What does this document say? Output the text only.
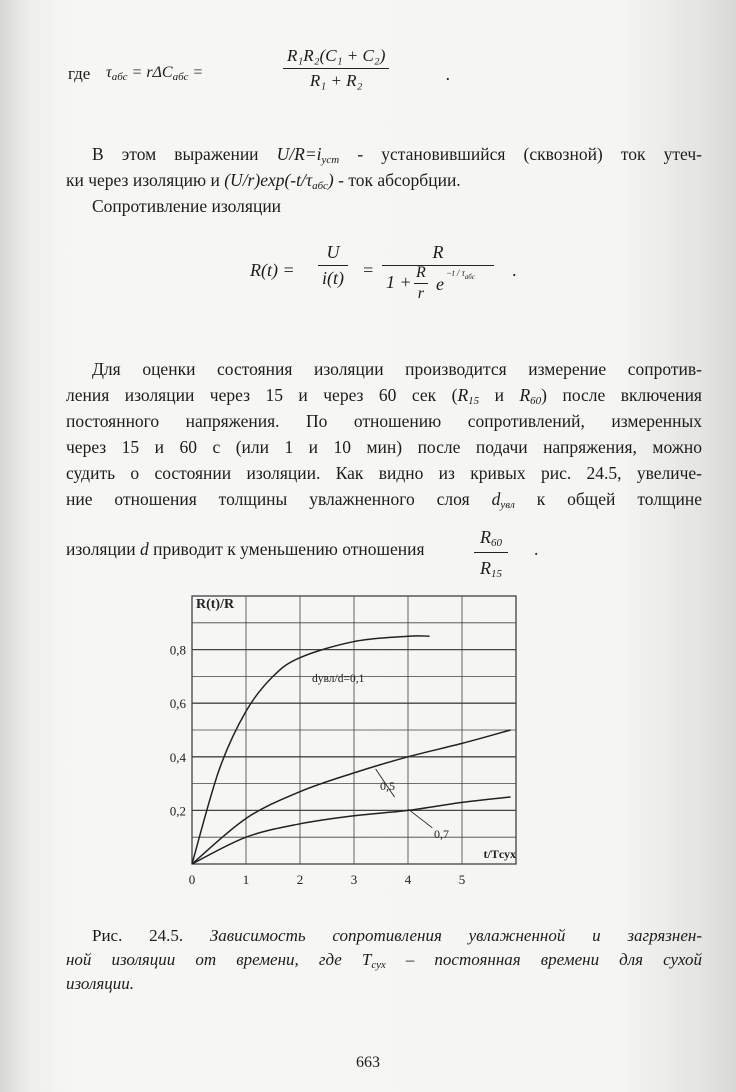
где $\tau_{абс} = r\Delta C_{абс}$ =	$\frac{\text{R₁R₂(C₁ + C₂)}}{\text{R₁ + R₂}}$	.
В этом выражении $U/R=i_{уст}$ - установившийся (сквозной) ток утеч-
ки через изоляцию и $(U/r)\exp(-t/\tau_{абс})$ - ток абсорбции.
Сопротивление изоляции
$R(t) = \frac{U}{i(t)}$ =
R
$1 + \frac{R}{r}$ e
$-t / \tau_{абс}$ .
Для оценки состояния изоляции производится измерение сопротив-
ления изоляции через 15 и через 60 сек ($R_{15}$ и $R_{60}$) после включения
постоянного напряжения. По отношению сопротивлений, измеренных
через 15 и 60 с (или 1 и 10 мин) после подачи напряжения, можно
судить о состоянии изоляции. Как видно из кривых рис. 24.5, увеличе-
ние отношения толщины увлажненного слоя $d_{увл}$ к общей толщине
изоляции d приводит к уменьшению отношения	$\frac{R_{60}}{R_{15}}$ .
0	1	2	3	4	5
0,2
0,4
0,6
0,8
R(t)/R
t/Tсух
dувл/d=0,1
0,5
0,7
Рис. 24.5. Зависимость сопротивления увлажненной и загрязнен-
ной изоляции от времени, где $T_{сух}$ – постоянная времени для сухой
изоляции.
663
